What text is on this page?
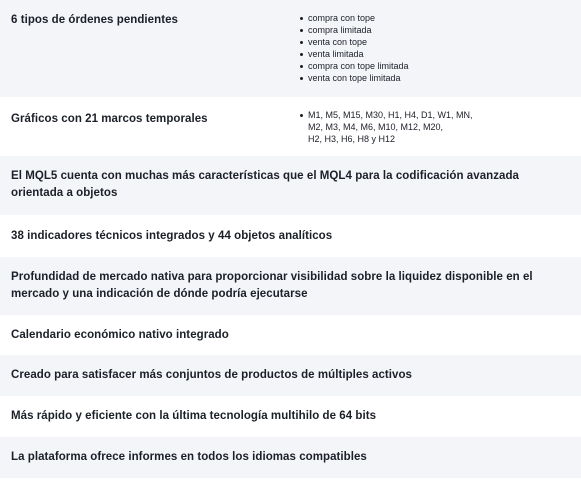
6 tipos de órdenes pendientes	compra con tope
compra limitada
venta con tope
venta limitada
compra con tope limitada
venta con tope limitada
Gráficos con 21 marcos temporales	M1, M5, M15, M30, H1, H4, D1, W1, MN,
M2, M3, M4, M6, M10, M12, M20,
H2, H3, H6, H8 y H12
El MQL5 cuenta con muchas más características que el MQL4 para la codificación avanzada orientada a objetos
38 indicadores técnicos integrados y 44 objetos analíticos
Profundidad de mercado nativa para proporcionar visibilidad sobre la liquidez disponible en el mercado y una indicación de dónde podría ejecutarse
Calendario económico nativo integrado
Creado para satisfacer más conjuntos de productos de múltiples activos
Más rápido y eficiente con la última tecnología multihilo de 64 bits
La plataforma ofrece informes en todos los idiomas compatibles
